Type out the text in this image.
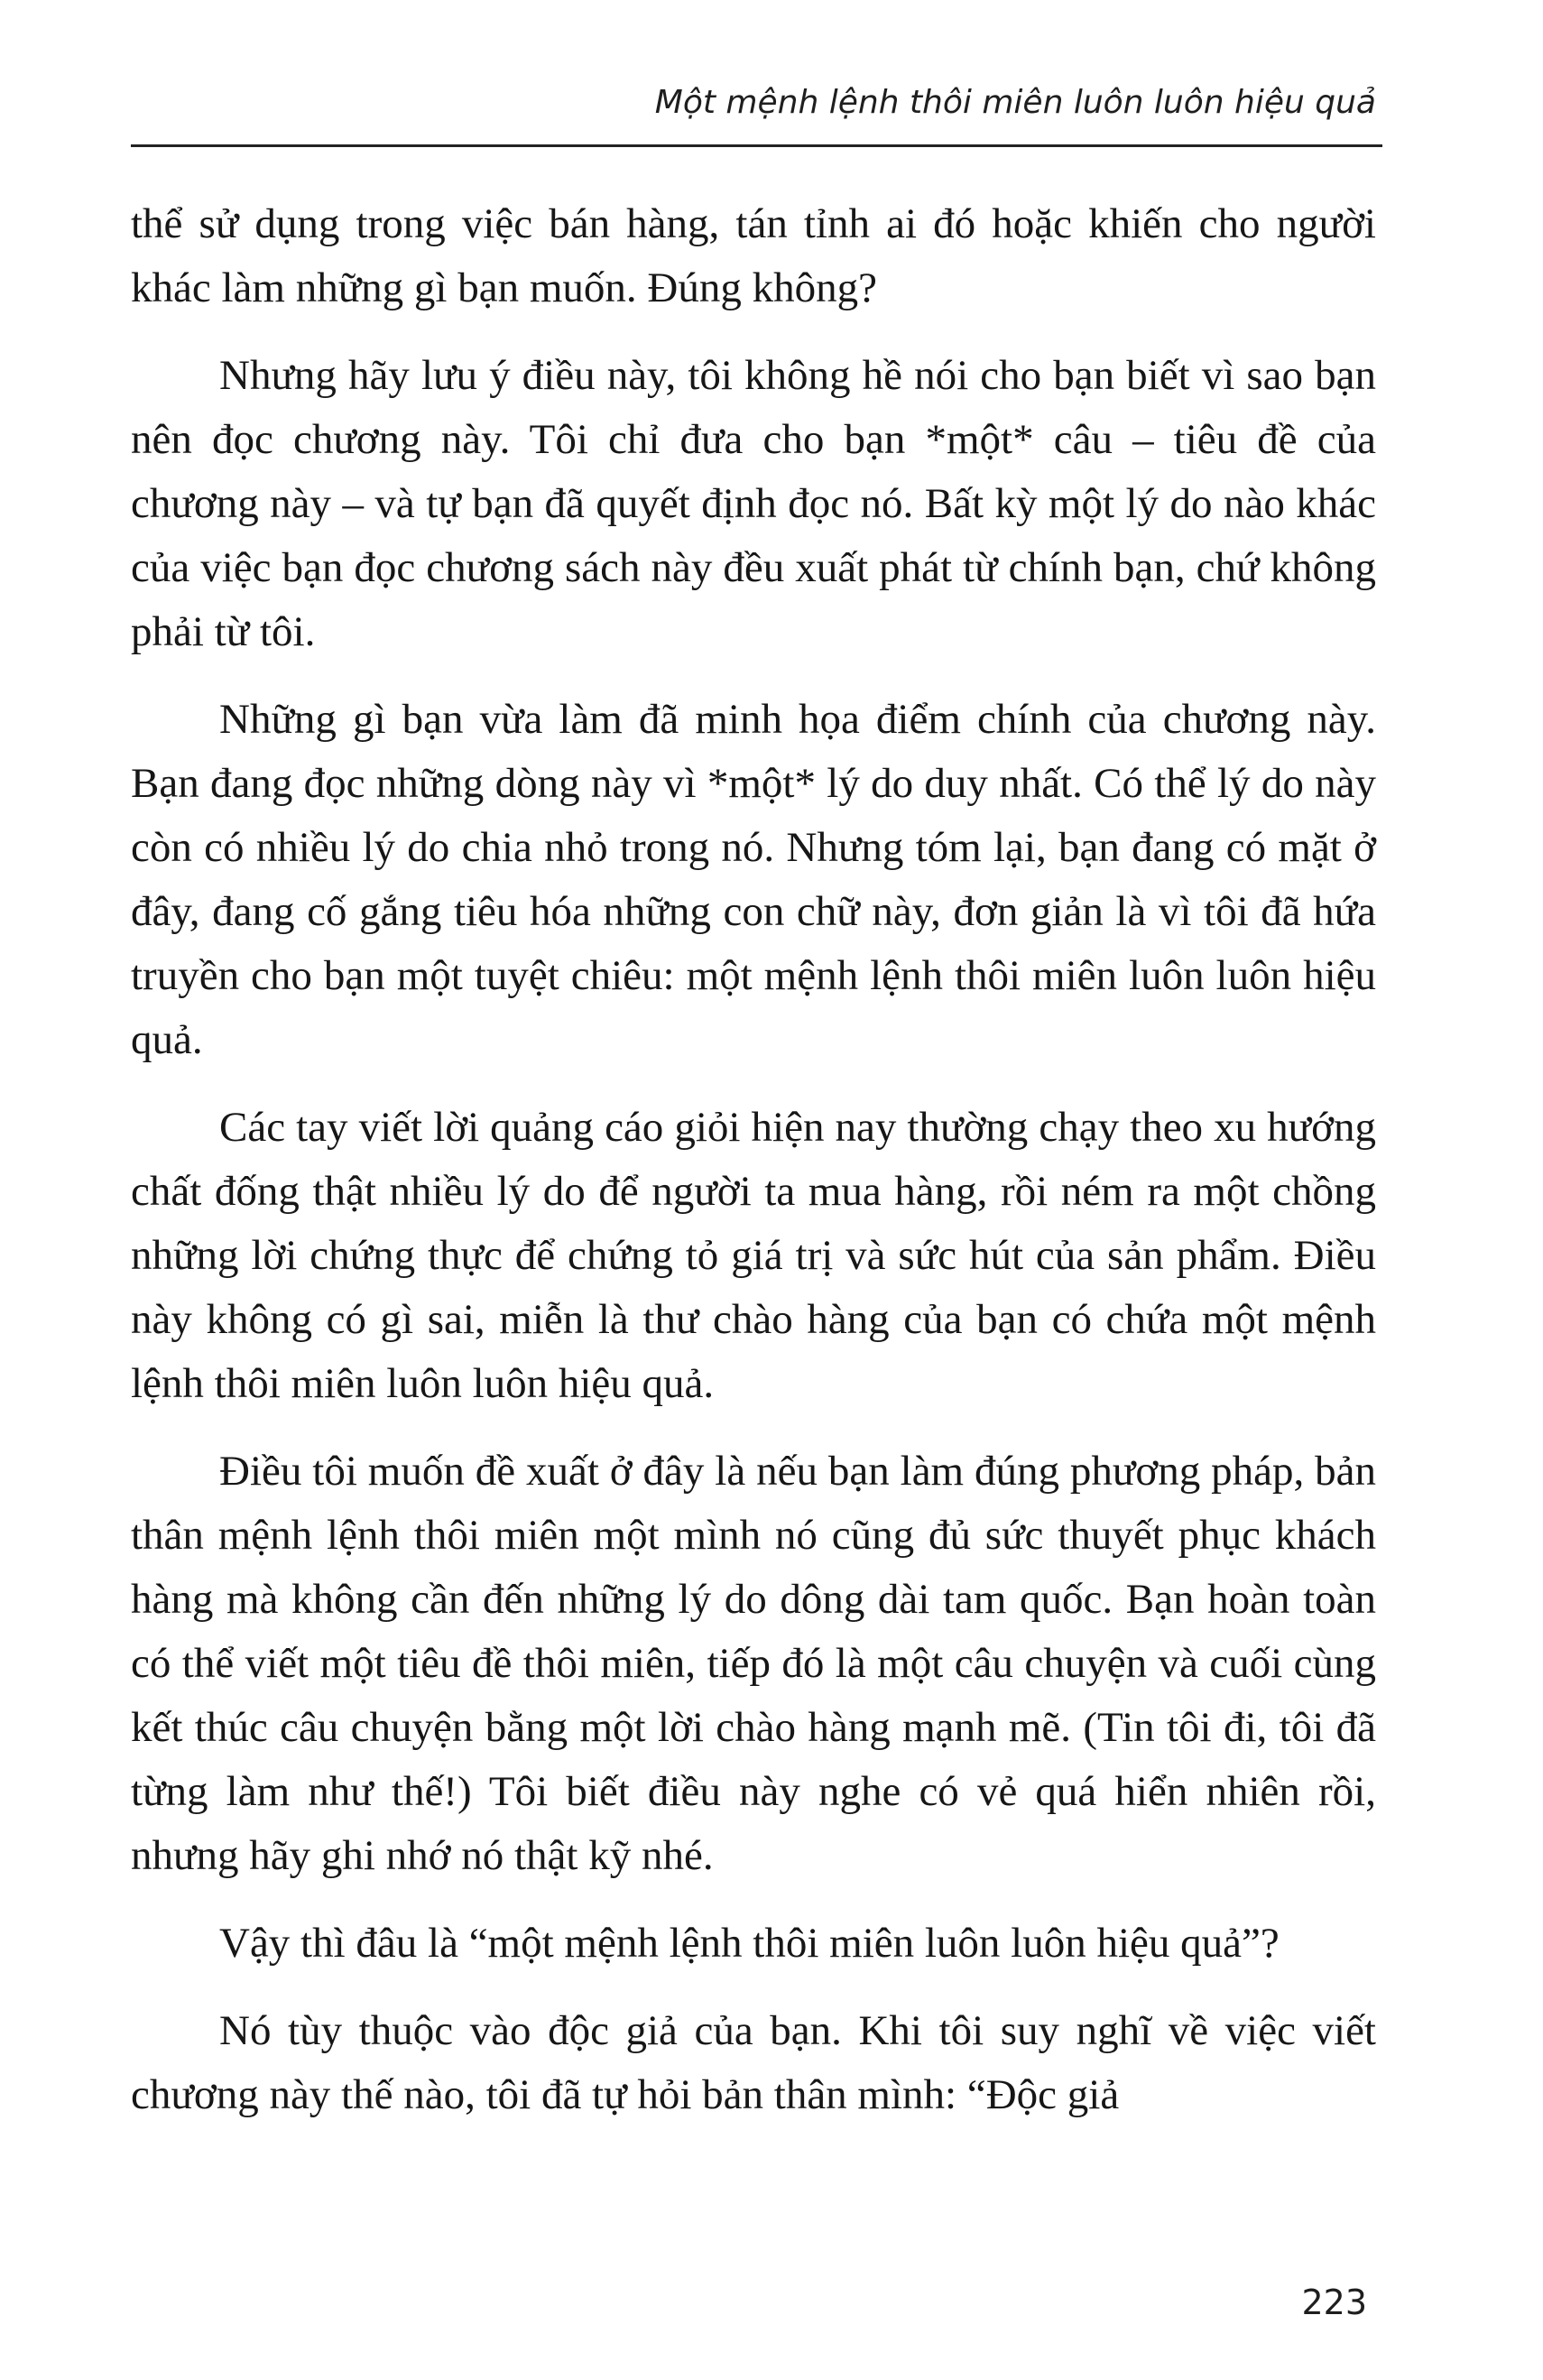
Một mệnh lệnh thôi miên luôn luôn hiệu quả

thể sử dụng trong việc bán hàng, tán tỉnh ai đó hoặc khiến cho người khác làm những gì bạn muốn. Đúng không?

Nhưng hãy lưu ý điều này, tôi không hề nói cho bạn biết vì sao bạn nên đọc chương này. Tôi chỉ đưa cho bạn *một* câu – tiêu đề của chương này – và tự bạn đã quyết định đọc nó. Bất kỳ một lý do nào khác của việc bạn đọc chương sách này đều xuất phát từ chính bạn, chứ không phải từ tôi.

Những gì bạn vừa làm đã minh họa điểm chính của chương này. Bạn đang đọc những dòng này vì *một* lý do duy nhất. Có thể lý do này còn có nhiều lý do chia nhỏ trong nó. Nhưng tóm lại, bạn đang có mặt ở đây, đang cố gắng tiêu hóa những con chữ này, đơn giản là vì tôi đã hứa truyền cho bạn một tuyệt chiêu: một mệnh lệnh thôi miên luôn luôn hiệu quả.

Các tay viết lời quảng cáo giỏi hiện nay thường chạy theo xu hướng chất đống thật nhiều lý do để người ta mua hàng, rồi ném ra một chồng những lời chứng thực để chứng tỏ giá trị và sức hút của sản phẩm. Điều này không có gì sai, miễn là thư chào hàng của bạn có chứa một mệnh lệnh thôi miên luôn luôn hiệu quả.

Điều tôi muốn đề xuất ở đây là nếu bạn làm đúng phương pháp, bản thân mệnh lệnh thôi miên một mình nó cũng đủ sức thuyết phục khách hàng mà không cần đến những lý do dông dài tam quốc. Bạn hoàn toàn có thể viết một tiêu đề thôi miên, tiếp đó là một câu chuyện và cuối cùng kết thúc câu chuyện bằng một lời chào hàng mạnh mẽ. (Tin tôi đi, tôi đã từng làm như thế!) Tôi biết điều này nghe có vẻ quá hiển nhiên rồi, nhưng hãy ghi nhớ nó thật kỹ nhé.

Vậy thì đâu là “một mệnh lệnh thôi miên luôn luôn hiệu quả”?

Nó tùy thuộc vào độc giả của bạn. Khi tôi suy nghĩ về việc viết chương này thế nào, tôi đã tự hỏi bản thân mình: “Độc giả

223
